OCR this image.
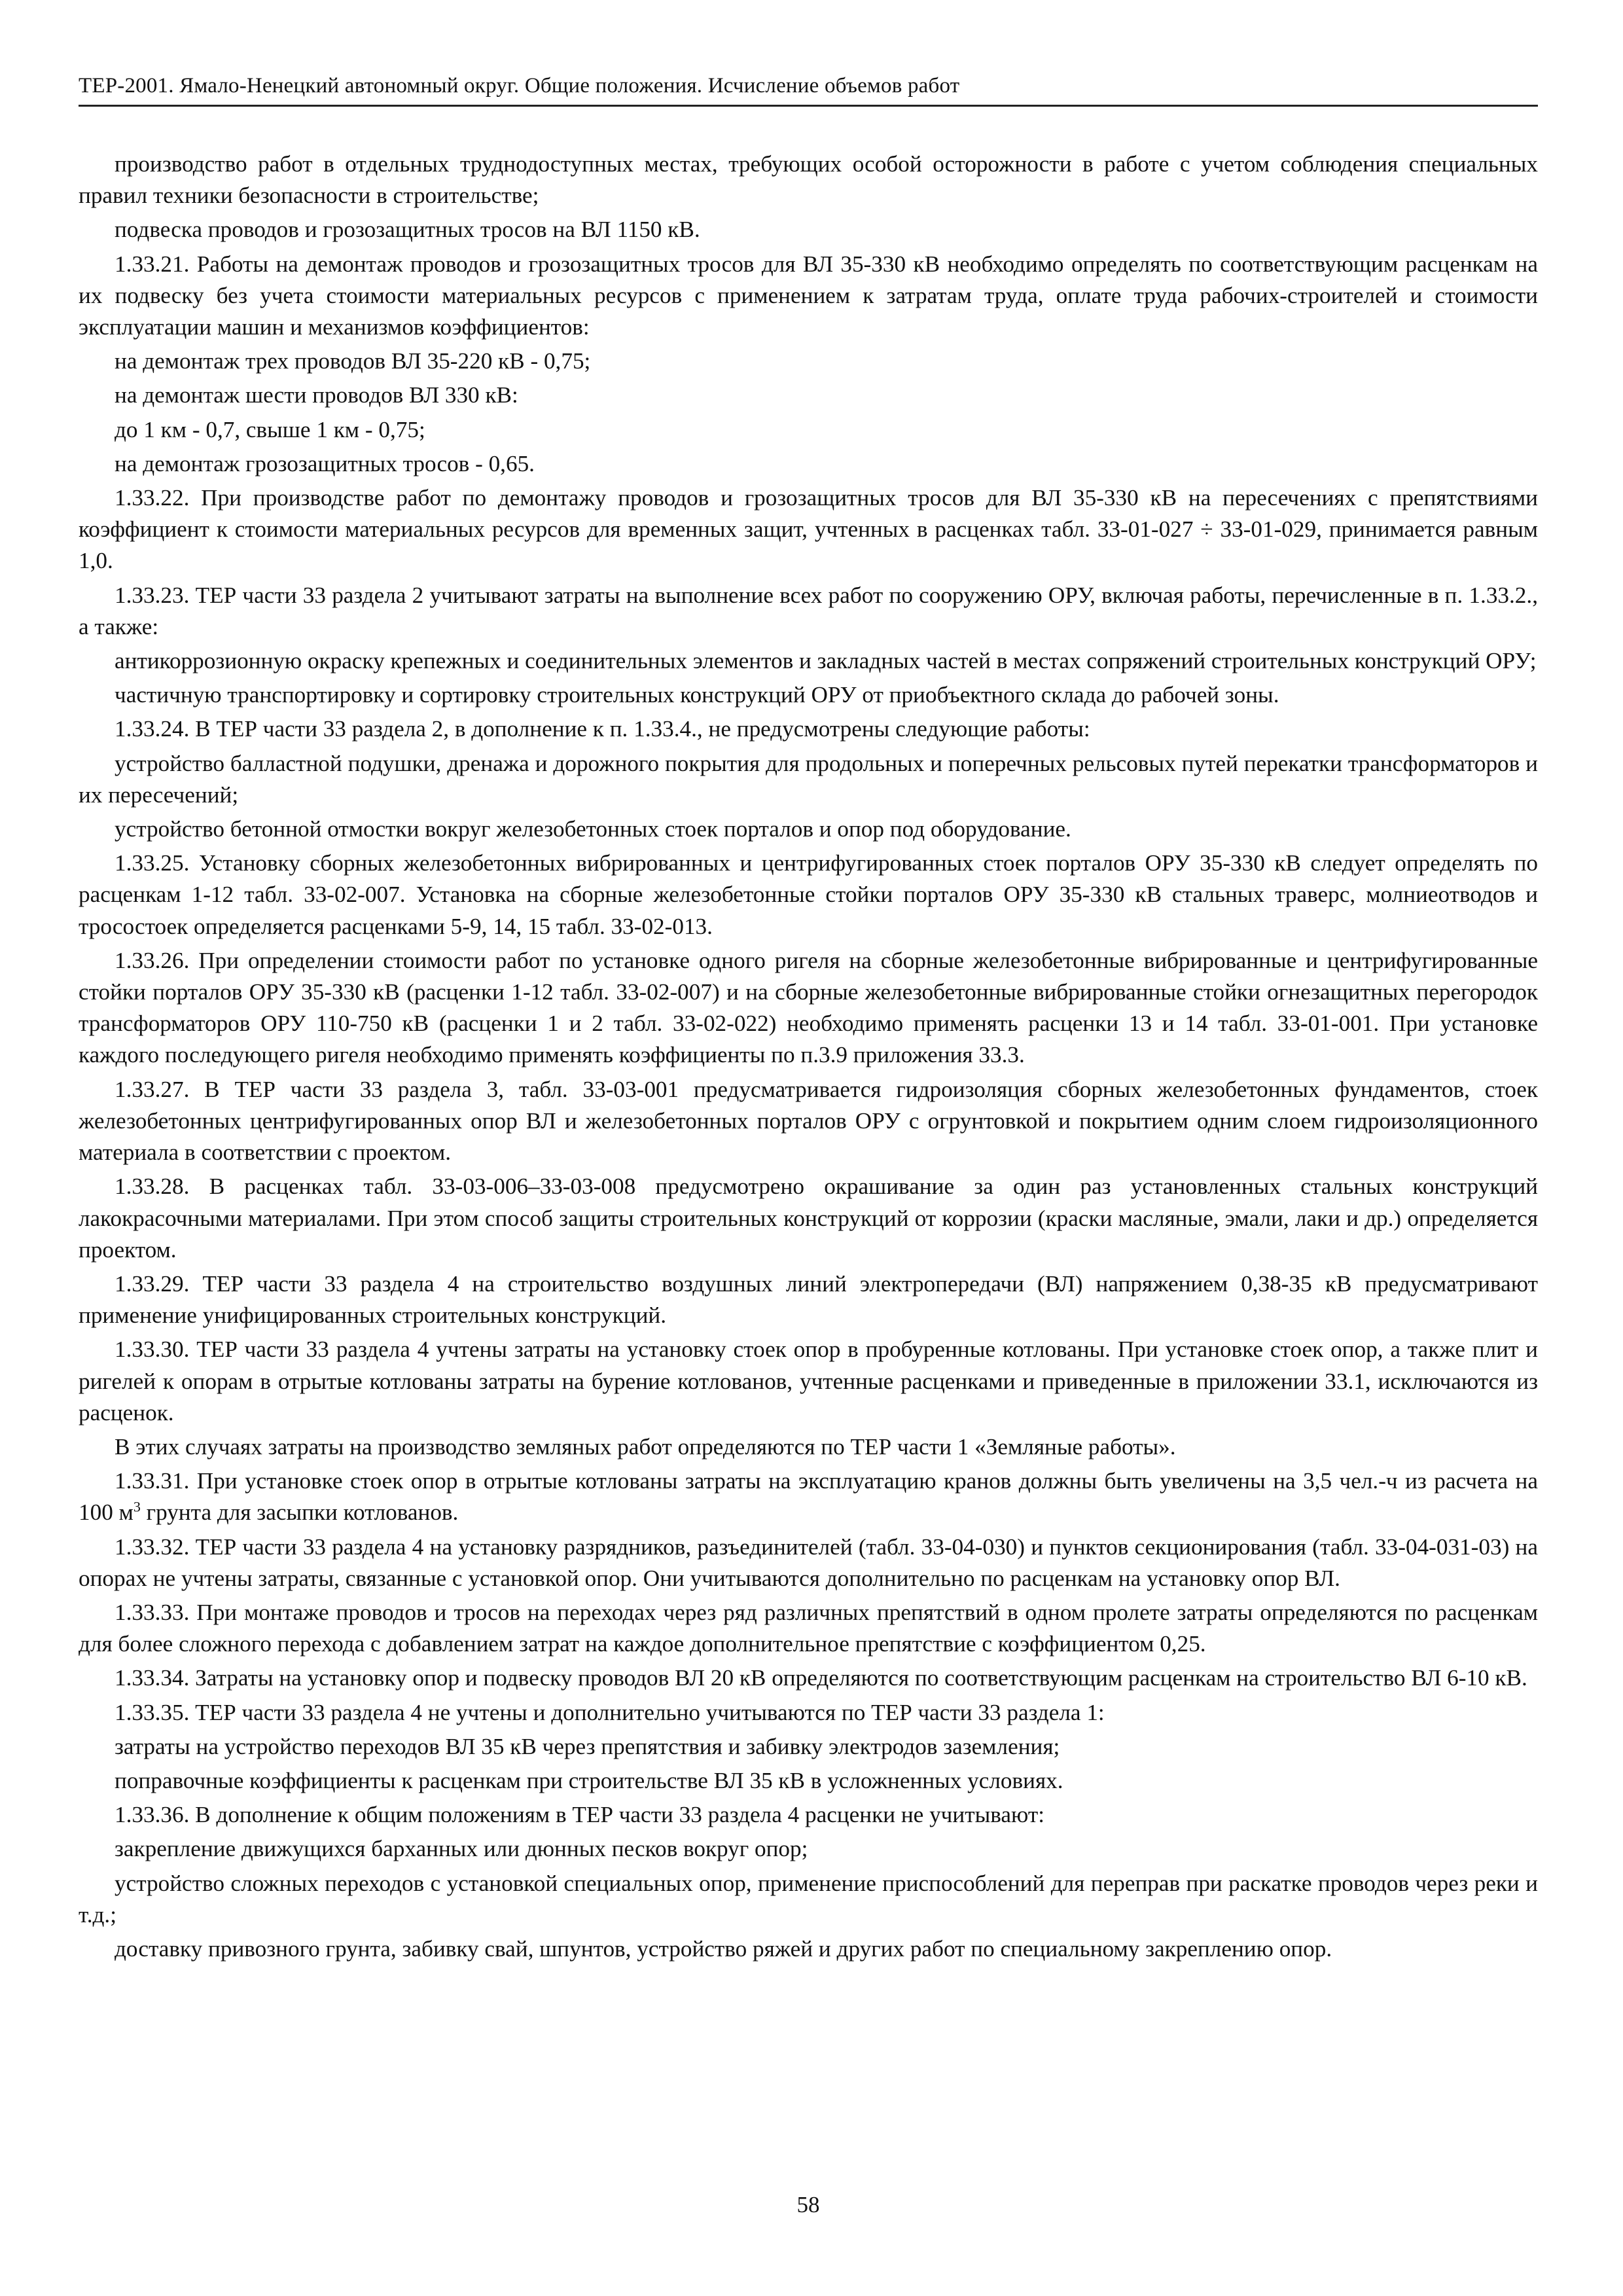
ТЕР-2001. Ямало-Ненецкий автономный округ. Общие положения. Исчисление объемов работ

производство работ в отдельных труднодоступных местах, требующих особой осторожности в работе с учетом соблюдения специальных правил техники безопасности в строительстве;

подвеска проводов и грозозащитных тросов на ВЛ 1150 кВ.

1.33.21. Работы на демонтаж проводов и грозозащитных тросов для ВЛ 35-330 кВ необходимо определять по соответствующим расценкам на их подвеску без учета стоимости материальных ресурсов с применением к затратам труда, оплате труда рабочих-строителей и стоимости эксплуатации машин и механизмов коэффициентов:

на демонтаж трех проводов ВЛ 35-220 кВ - 0,75;

на демонтаж шести проводов ВЛ 330 кВ:

до 1 км - 0,7, свыше 1 км - 0,75;

на демонтаж грозозащитных тросов - 0,65.

1.33.22. При производстве работ по демонтажу проводов и грозозащитных тросов для ВЛ 35-330 кВ на пересечениях с препятствиями коэффициент к стоимости материальных ресурсов для временных защит, учтенных в расценках табл. 33-01-027 ÷ 33-01-029, принимается равным 1,0.

1.33.23. ТЕР части 33 раздела 2 учитывают затраты на выполнение всех работ по сооружению ОРУ, включая работы, перечисленные в п. 1.33.2., а также:

антикоррозионную окраску крепежных и соединительных элементов и закладных частей в местах сопряжений строительных конструкций ОРУ;

частичную транспортировку и сортировку строительных конструкций ОРУ от приобъектного склада до рабочей зоны.

1.33.24. В ТЕР части 33 раздела 2, в дополнение к п. 1.33.4., не предусмотрены следующие работы:

устройство балластной подушки, дренажа и дорожного покрытия для продольных и поперечных рельсовых путей перекатки трансформаторов и их пересечений;

устройство бетонной отмостки вокруг железобетонных стоек порталов и опор под оборудование.

1.33.25. Установку сборных железобетонных вибрированных и центрифугированных стоек порталов ОРУ 35-330 кВ следует определять по расценкам 1-12 табл. 33-02-007. Установка на сборные железобетонные стойки порталов ОРУ 35-330 кВ стальных траверс, молниеотводов и тросостоек определяется расценками 5-9, 14, 15 табл. 33-02-013.

1.33.26. При определении стоимости работ по установке одного ригеля на сборные железобетонные вибрированные и центрифугированные стойки порталов ОРУ 35-330 кВ (расценки 1-12 табл. 33-02-007) и на сборные железобетонные вибрированные стойки огнезащитных перегородок трансформаторов ОРУ 110-750 кВ (расценки 1 и 2 табл. 33-02-022) необходимо применять расценки 13 и 14 табл. 33-01-001. При установке каждого последующего ригеля необходимо применять коэффициенты по п.3.9 приложения 33.3.

1.33.27. В ТЕР части 33 раздела 3, табл. 33-03-001 предусматривается гидроизоляция сборных железобетонных фундаментов, стоек железобетонных центрифугированных опор ВЛ и железобетонных порталов ОРУ с огрунтовкой и покрытием одним слоем гидроизоляционного материала в соответствии с проектом.

1.33.28. В расценках табл. 33-03-006–33-03-008 предусмотрено окрашивание за один раз установленных стальных конструкций лакокрасочными материалами. При этом способ защиты строительных конструкций от коррозии (краски масляные, эмали, лаки и др.) определяется проектом.

1.33.29. ТЕР части 33 раздела 4 на строительство воздушных линий электропередачи (ВЛ) напряжением 0,38-35 кВ предусматривают применение унифицированных строительных конструкций.

1.33.30. ТЕР части 33 раздела 4 учтены затраты на установку стоек опор в пробуренные котлованы. При установке стоек опор, а также плит и ригелей к опорам в отрытые котлованы затраты на бурение котлованов, учтенные расценками и приведенные в приложении 33.1, исключаются из расценок.

В этих случаях затраты на производство земляных работ определяются по ТЕР части 1 «Земляные работы».

1.33.31. При установке стоек опор в отрытые котлованы затраты на эксплуатацию кранов должны быть увеличены на 3,5 чел.-ч из расчета на 100 $м^3$ грунта для засыпки котлованов.

1.33.32. ТЕР части 33 раздела 4 на установку разрядников, разъединителей (табл. 33-04-030) и пунктов секционирования (табл. 33-04-031-03) на опорах не учтены затраты, связанные с установкой опор. Они учитываются дополнительно по расценкам на установку опор ВЛ.

1.33.33. При монтаже проводов и тросов на переходах через ряд различных препятствий в одном пролете затраты определяются по расценкам для более сложного перехода с добавлением затрат на каждое дополнительное препятствие с коэффициентом 0,25.

1.33.34. Затраты на установку опор и подвеску проводов ВЛ 20 кВ определяются по соответствующим расценкам на строительство ВЛ 6-10 кВ.

1.33.35. ТЕР части 33 раздела 4 не учтены и дополнительно учитываются по ТЕР части 33 раздела 1:

затраты на устройство переходов ВЛ 35 кВ через препятствия и забивку электродов заземления;

поправочные коэффициенты к расценкам при строительстве ВЛ 35 кВ в усложненных условиях.

1.33.36. В дополнение к общим положениям в ТЕР части 33 раздела 4 расценки не учитывают:

закрепление движущихся барханных или дюнных песков вокруг опор;

устройство сложных переходов с установкой специальных опор, применение приспособлений для переправ при раскатке проводов через реки и т.д.;

доставку привозного грунта, забивку свай, шпунтов, устройство ряжей и других работ по специальному закреплению опор.

58
